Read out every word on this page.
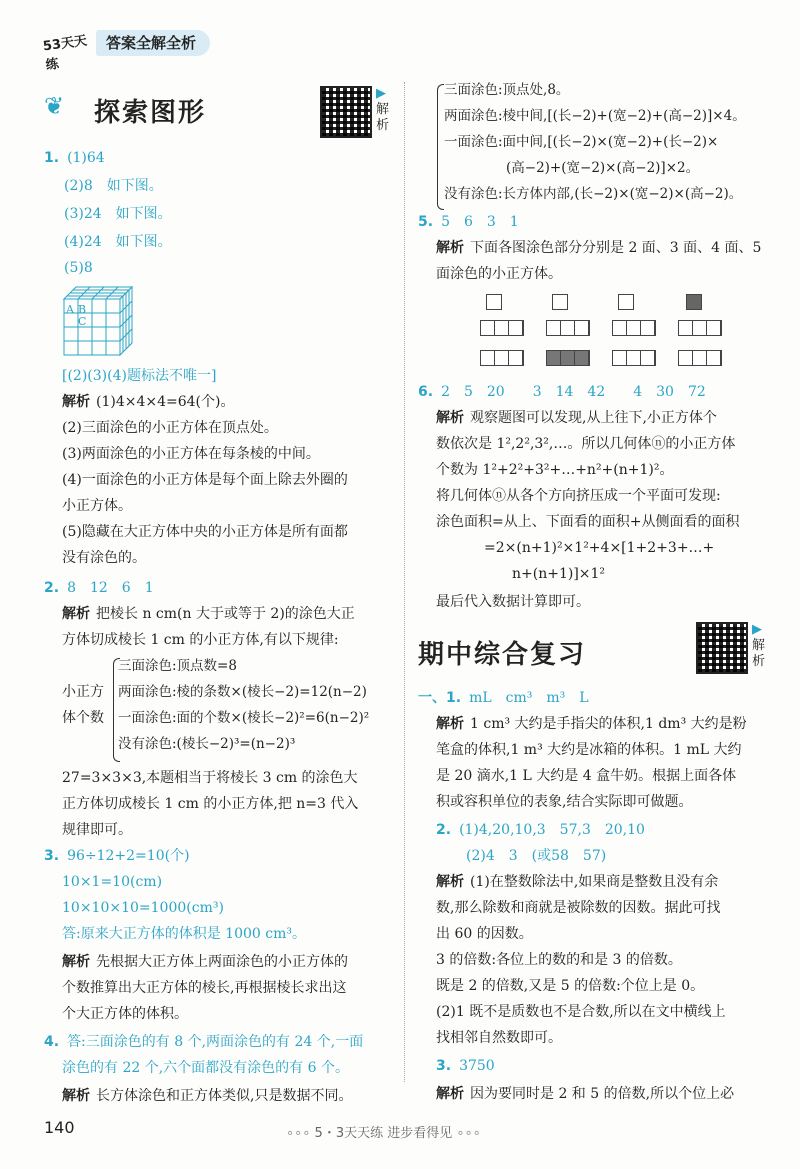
53天天练
答案全解全析
❦ 探索图形
▶
解
析
1. (1)64
(2)8　如下图。
(3)24　如下图。
(4)24　如下图。
(5)8
A B
C
[(2)(3)(4)题标法不唯一]
解析 (1)4×4×4=64(个)。
(2)三面涂色的小正方体在顶点处。
(3)两面涂色的小正方体在每条棱的中间。
(4)一面涂色的小正方体是每个面上除去外圈的
小正方体。
(5)隐藏在大正方体中央的小正方体是所有面都
没有涂色的。
2. 8　12　6　1
解析 把棱长 n cm(n 大于或等于 2)的涂色大正
方体切成棱长 1 cm 的小正方体,有以下规律:
小正方
体个数
三面涂色:顶点数=8
两面涂色:棱的条数×(棱长−2)=12(n−2)
一面涂色:面的个数×(棱长−2)²=6(n−2)²
没有涂色:(棱长−2)³=(n−2)³
27=3×3×3,本题相当于将棱长 3 cm 的涂色大
正方体切成棱长 1 cm 的小正方体,把 n=3 代入
规律即可。
3. 96÷12+2=10(个)
10×1=10(cm)
10×10×10=1000(cm³)
答:原来大正方体的体积是 1000 cm³。
解析 先根据大正方体上两面涂色的小正方体的
个数推算出大正方体的棱长,再根据棱长求出这
个大正方体的体积。
4. 答:三面涂色的有 8 个,两面涂色的有 24 个,一面
涂色的有 22 个,六个面都没有涂色的有 6 个。
解析 长方体涂色和正方体类似,只是数据不同。
三面涂色:顶点处,8。
两面涂色:棱中间,[(长−2)+(宽−2)+(高−2)]×4。
一面涂色:面中间,[(长−2)×(宽−2)+(长−2)×
(高−2)+(宽−2)×(高−2)]×2。
没有涂色:长方体内部,(长−2)×(宽−2)×(高−2)。
5. 5　6　3　1
解析 下面各图涂色部分分别是 2 面、3 面、4 面、5
面涂色的小正方体。
6. 2　5　20　　3　14　42　　4　30　72
解析 观察题图可以发现,从上往下,小正方体个
数依次是 1²,2²,3²,…。所以几何体ⓝ的小正方体
个数为 1²+2²+3²+…+n²+(n+1)²。
将几何体ⓝ从各个方向挤压成一个平面可发现:
涂色面积=从上、下面看的面积+从侧面看的面积
=2×(n+1)²×1²+4×[1+2+3+…+
n+(n+1)]×1²
最后代入数据计算即可。
期中综合复习
▶
解
析
一、1. mL　cm³　m³　L
解析 1 cm³ 大约是手指尖的体积,1 dm³ 大约是粉
笔盒的体积,1 m³ 大约是冰箱的体积。1 mL 大约
是 20 滴水,1 L 大约是 4 盒牛奶。根据上面各体
积或容积单位的表象,结合实际即可做题。
2. (1)4,20,10,3　57,3　20,10
(2)4　3　(或58　57)
解析 (1)在整数除法中,如果商是整数且没有余
数,那么除数和商就是被除数的因数。据此可找
出 60 的因数。
3 的倍数:各位上的数的和是 3 的倍数。
既是 2 的倍数,又是 5 的倍数:个位上是 0。
(2)1 既不是质数也不是合数,所以在文中横线上
找相邻自然数即可。
3. 3750
解析 因为要同时是 2 和 5 的倍数,所以个位上必
140	∘∘∘ 5・3天天练 进步看得见 ∘∘∘
